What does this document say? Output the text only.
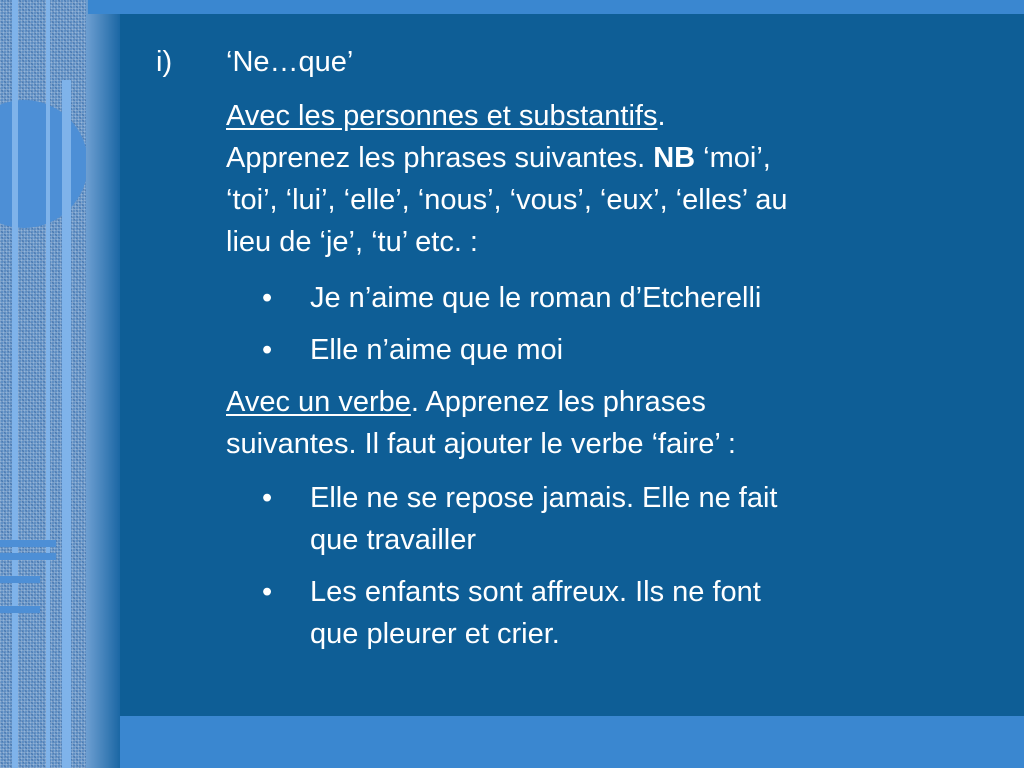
i) ‘Ne…que’
Avec les personnes et substantifs.
Apprenez les phrases suivantes. NB ‘moi’,
‘toi’, ‘lui’, ‘elle’, ‘nous’, ‘vous’, ‘eux’, ‘elles’ au
lieu de ‘je’, ‘tu’ etc. :
• Je n’aime que le roman d’Etcherelli
• Elle n’aime que moi
Avec un verbe. Apprenez les phrases
suivantes. Il faut ajouter le verbe ‘faire’ :
• Elle ne se repose jamais. Elle ne fait
que travailler
• Les enfants sont affreux. Ils ne font
que pleurer et crier.
